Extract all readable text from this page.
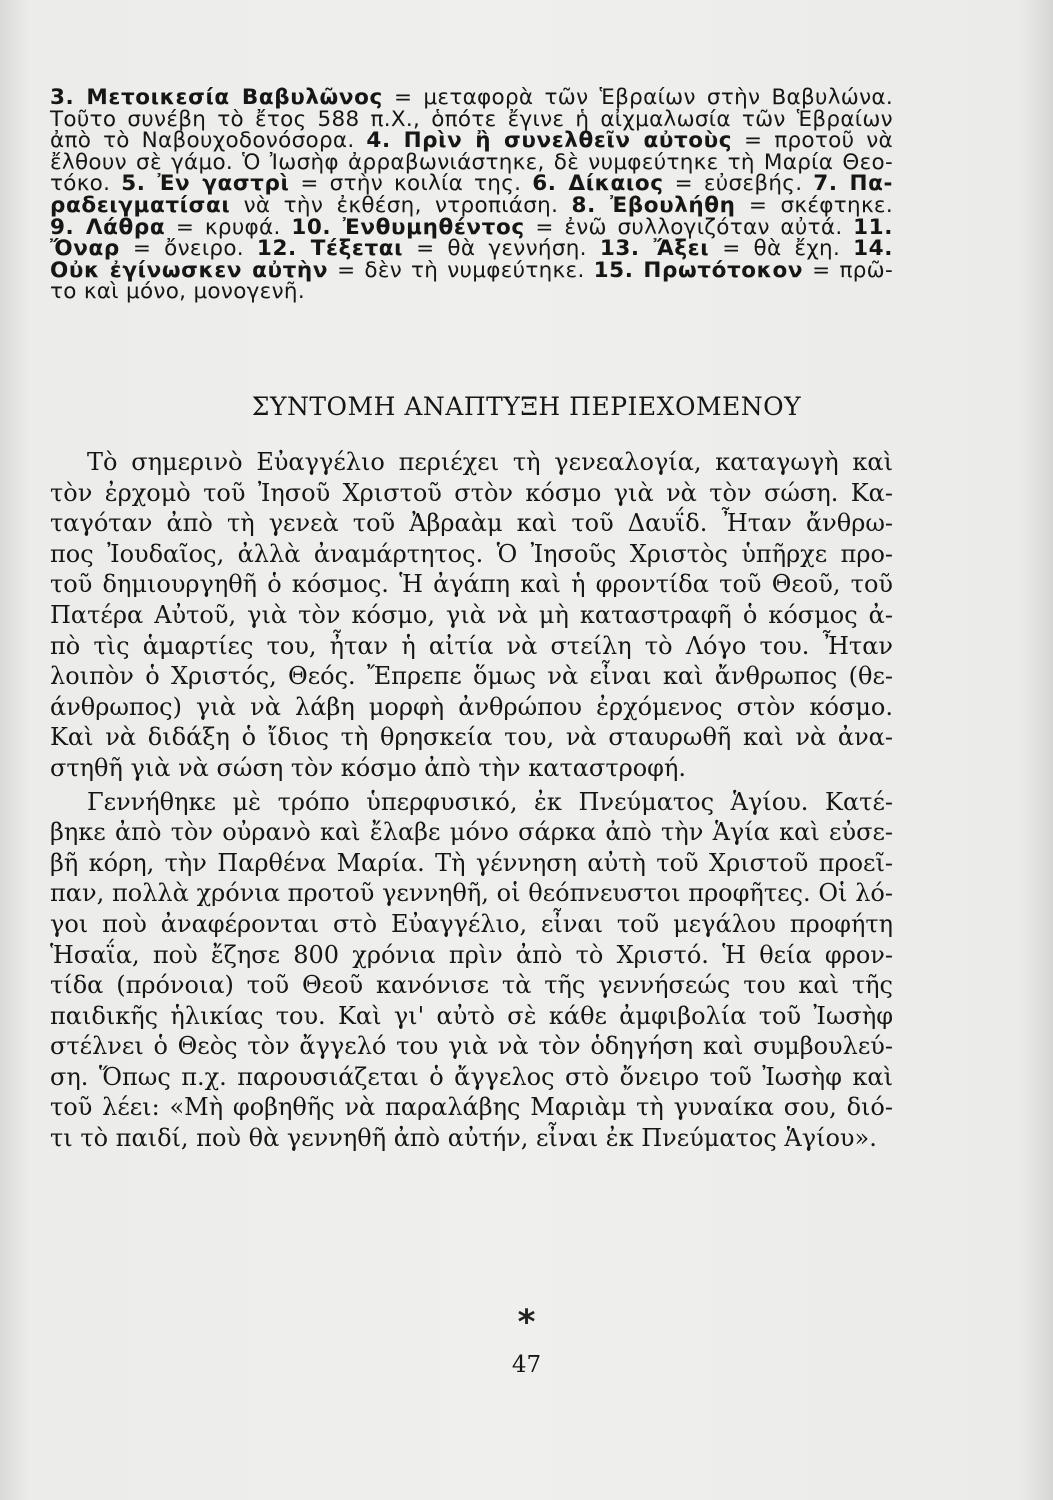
3. Μετοικεσία Βαβυλῶνος = μεταφορὰ τῶν Ἑβραίων στὴν Βαβυλώνα.
Τοῦτο συνέβη τὸ ἔτος 588 π.Χ., ὁπότε ἔγινε ἡ αἰχμαλωσία τῶν Ἑβραίων
ἀπὸ τὸ Ναβουχοδονόσορα. 4. Πρὶν ἢ συνελθεῖν αὐτοὺς = προτοῦ νὰ
ἔλθουν σὲ γάμο. Ὁ Ἰωσὴφ ἀρραβωνιάστηκε, δὲ νυμφεύτηκε τὴ Μαρία Θεο-
τόκο. 5. Ἐν γαστρὶ = στὴν κοιλία της. 6. Δίκαιος = εὐσεβής. 7. Πα-
ραδειγματίσαι νὰ τὴν ἐκθέση, ντροπιάση. 8. Ἐβουλήθη = σκέφτηκε.
9. Λάθρα = κρυφά. 10. Ἐνθυμηθέντος = ἐνῶ συλλογιζόταν αὐτά. 11.
Ὄναρ = ὄνειρο. 12. Τέξεται = θὰ γεννήση. 13. Ἄξει = θὰ ἔχη. 14.
Οὐκ ἐγίνωσκεν αὐτὴν = δὲν τὴ νυμφεύτηκε. 15. Πρωτότοκον = πρῶ-
το καὶ μόνο, μονογενῆ.
ΣΥΝΤΟΜΗ ΑΝΑΠΤΥΞΗ ΠΕΡΙΕΧΟΜΕΝΟΥ
Τὸ σημερινὸ Εὐαγγέλιο περιέχει τὴ γενεαλογία, καταγωγὴ καὶ
τὸν ἐρχομὸ τοῦ Ἰησοῦ Χριστοῦ στὸν κόσμο γιὰ νὰ τὸν σώση. Κα-
ταγόταν ἀπὸ τὴ γενεὰ τοῦ Ἀβραὰμ καὶ τοῦ Δαυΐδ. Ἦταν ἄνθρω-
πος Ἰουδαῖος, ἀλλὰ ἀναμάρτητος. Ὁ Ἰησοῦς Χριστὸς ὑπῆρχε προ-
τοῦ δημιουργηθῆ ὁ κόσμος. Ἡ ἀγάπη καὶ ἡ φροντίδα τοῦ Θεοῦ, τοῦ
Πατέρα Αὐτοῦ, γιὰ τὸν κόσμο, γιὰ νὰ μὴ καταστραφῆ ὁ κόσμος ἀ-
πὸ τὶς ἁμαρτίες του, ἦταν ἡ αἰτία νὰ στείλη τὸ Λόγο του. Ἦταν
λοιπὸν ὁ Χριστός, Θεός. Ἔπρεπε ὅμως νὰ εἶναι καὶ ἄνθρωπος (θε-
άνθρωπος) γιὰ νὰ λάβη μορφὴ ἀνθρώπου ἐρχόμενος στὸν κόσμο.
Καὶ νὰ διδάξη ὁ ἴδιος τὴ θρησκεία του, νὰ σταυρωθῆ καὶ νὰ ἀνα-
στηθῆ γιὰ νὰ σώση τὸν κόσμο ἀπὸ τὴν καταστροφή.
Γεννήθηκε μὲ τρόπο ὑπερφυσικό, ἐκ Πνεύματος Ἁγίου. Κατέ-
βηκε ἀπὸ τὸν οὐρανὸ καὶ ἔλαβε μόνο σάρκα ἀπὸ τὴν Ἁγία καὶ εὐσε-
βῆ κόρη, τὴν Παρθένα Μαρία. Τὴ γέννηση αὐτὴ τοῦ Χριστοῦ προεῖ-
παν, πολλὰ χρόνια προτοῦ γεννηθῆ, οἱ θεόπνευστοι προφῆτες. Οἱ λό-
γοι ποὺ ἀναφέρονται στὸ Εὐαγγέλιο, εἶναι τοῦ μεγάλου προφήτη
Ἡσαΐα, ποὺ ἔζησε 800 χρόνια πρὶν ἀπὸ τὸ Χριστό. Ἡ θεία φρον-
τίδα (πρόνοια) τοῦ Θεοῦ κανόνισε τὰ τῆς γεννήσεώς του καὶ τῆς
παιδικῆς ἡλικίας του. Καὶ γι' αὐτὸ σὲ κάθε ἀμφιβολία τοῦ Ἰωσὴφ
στέλνει ὁ Θεὸς τὸν ἄγγελό του γιὰ νὰ τὸν ὁδηγήση καὶ συμβουλεύ-
ση. Ὅπως π.χ. παρουσιάζεται ὁ ἄγγελος στὸ ὄνειρο τοῦ Ἰωσὴφ καὶ
τοῦ λέει: «Μὴ φοβηθῆς νὰ παραλάβης Μαριὰμ τὴ γυναίκα σου, διό-
τι τὸ παιδί, ποὺ θὰ γεννηθῆ ἀπὸ αὐτήν, εἶναι ἐκ Πνεύματος Ἁγίου».
⁎
47
